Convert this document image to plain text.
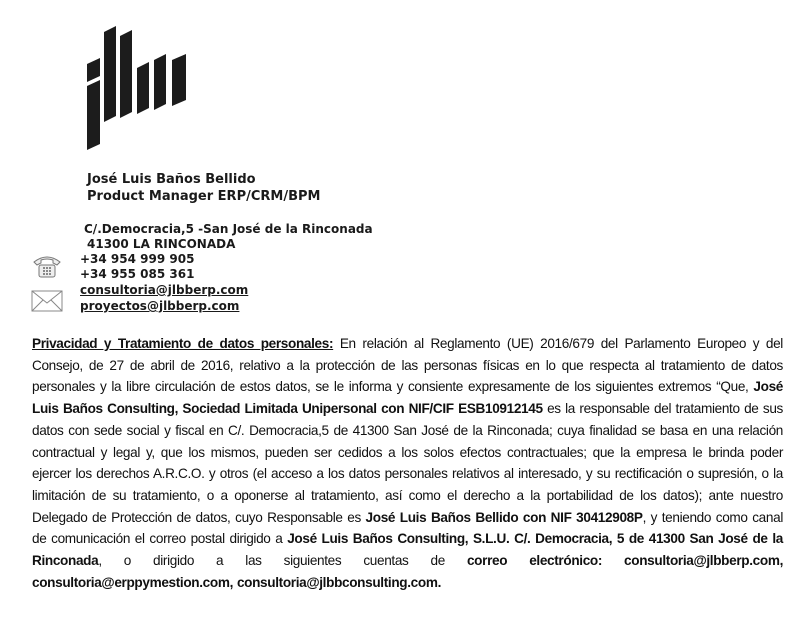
José Luis Baños Bellido
Product Manager ERP/CRM/BPM
C/.Democracia,5 -San José de la Rinconada
41300 LA RINCONADA
+34 954 999 905
+34 955 085 361
consultoria@jlbberp.com
proyectos@jlbberp.com
Privacidad y Tratamiento de datos personales: En relación al Reglamento (UE) 2016/679 del Parlamento Europeo y del Consejo, de 27 de abril de 2016, relativo a la protección de las personas físicas en lo que respecta al tratamiento de datos personales y la libre circulación de estos datos, se le informa y consiente expresamente de los siguientes extremos “Que, José Luis Baños Consulting, Sociedad Limitada Unipersonal con NIF/CIF ESB10912145 es la responsable del tratamiento de sus datos con sede social y fiscal en C/. Democracia,5 de 41300 San José de la Rinconada; cuya finalidad se basa en una relación contractual y legal y, que los mismos, pueden ser cedidos a los solos efectos contractuales; que la empresa le brinda poder ejercer los derechos A.R.C.O. y otros (el acceso a los datos personales relativos al interesado, y su rectificación o supresión, o la limitación de su tratamiento, o a oponerse al tratamiento, así como el derecho a la portabilidad de los datos); ante nuestro Delegado de Protección de datos, cuyo Responsable es José Luis Baños Bellido con NIF 30412908P, y teniendo como canal de comunicación el correo postal dirigido a José Luis Baños Consulting, S.L.U. C/. Democracia, 5 de 41300 San José de la Rinconada, o dirigido a las siguientes cuentas de correo electrónico: consultoria@jlbberp.com, consultoria@erppymestion.com, consultoria@jlbbconsulting.com.
